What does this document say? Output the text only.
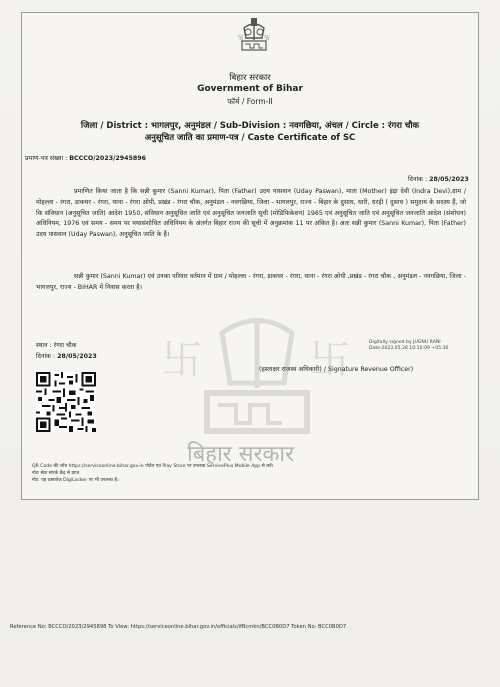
卐	卐
बिहार सरकार
Government of Bihar
फॉर्म / Form-II
जिला / District : भागलपुर, अनुमंडल / Sub-Division : नवगछिया, अंचल / Circle : रंगरा चौक
अनुसूचित जाति का प्रमाण-पत्र / Caste Certificate of SC
प्रमाण-पत्र संख्या : BCCCO/2023/2945896
दिनांक : 28/05/2023
卐	卐
बिहार सरकार

प्रमाणित किया जाता है कि सन्नी कुमार (Sanni Kumar), पिता (Father) उदय पासवान (Uday Paswan), माता (Mother) इंद्रा देवी (Indra Devi),ग्राम / मोहल्ला - रंगरा, डाकघर - रंगरा, थाना - रंगरा ओपी, प्रखंड - रंगरा चौक, अनुमंडल - नवगछिया, जिला - भागलपुर, राज्य - बिहार के दुसाध, धारी, धरही ( दुसाध ) समुदाय के सदस्य हैं, जो कि संविधान (अनुसूचित जाति) आदेश 1950, संविधान अनुसूचित जाति एवं अनुसूचित जनजाति सूची (मोडिफिकेशन) 1965 एवं अनुसूचित जाति एवं अनुसूचित जनजाति आदेश (संशोधन) अधिनियम, 1976 एवं समय - समय पर यथासंशोधित अधिनियम के अंतर्गत बिहार राज्य की सूची में अनुक्रमांक 11 पर अंकित है। अतः सन्नी कुमार (Sanni Kumar), पिता (Father) उदय पासवान (Uday Paswan), अनुसूचित जाति के हैं।

सन्नी कुमार (Sanni Kumar) एवं उनका परिवार वर्तमान में ग्राम / मोहल्ला - रंगरा, डाकघर - रंगरा, थाना - रंगरा ओपी ,प्रखंड - रंगरा चौक , अनुमंडल - नवगछिया, जिला - भागलपुर, राज्य - BIHAR में निवास करता है।

Digitally signed by JUGNU RANI
Date:2023.05.28 10:10:09 +05:30
स्थान : रंगरा चौक
दिनांक : 28/05/2023
(हस्ताक्षर राजस्व अधिकारी) / Signature Revenue Officer)
QR Code की जाँच https://serviceonline.bihar.gov.in पोर्टल एवं Play Store पर उपलब्ध ServicePlus Mobile App से करें।
नोटः सेवा संपर्क केंद्र से प्राप्त
नोट: यह दस्तावेज़ DigiLocker पर भी उपलब्ध है।
Reference No: BCCCO/2023/2945898 To View: https://serviceonline.bihar.gov.in/officials/ifBcmkn/BCC0B0D7 Token No: BCC0B0D7
